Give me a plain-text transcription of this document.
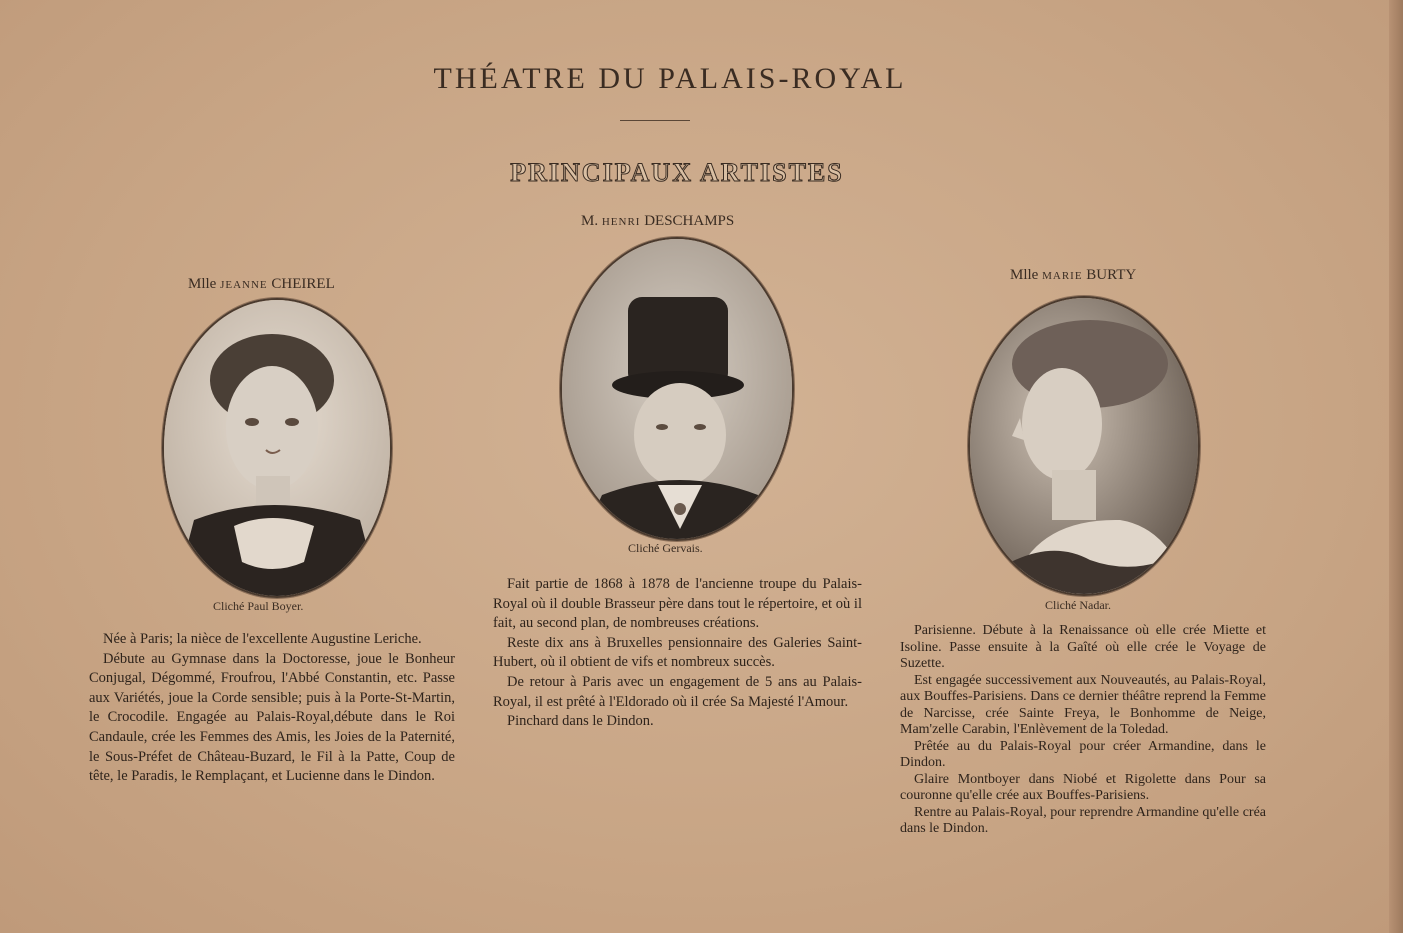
THÉATRE DU PALAIS-ROYAL
PRINCIPAUX ARTISTES
Mlle JEANNE CHEIREL
Cliché Paul Boyer.

Née à Paris; la nièce de l'excellente Augustine Leriche.

Débute au Gymnase dans la Doctoresse, joue le Bonheur Conjugal, Dégommé, Froufrou, l'Abbé Constantin, etc. Passe aux Variétés, joue la Corde sensible; puis à la Porte-St-Martin, le Crocodile. Engagée au Palais-Royal,débute dans le Roi Candaule, crée les Femmes des Amis, les Joies de la Paternité, le Sous-Préfet de Château-Buzard, le Fil à la Patte, Coup de tête, le Paradis, le Remplaçant, et Lucienne dans le Dindon.

M. HENRI DESCHAMPS
Cliché Gervais.

Fait partie de 1868 à 1878 de l'ancienne troupe du Palais-Royal où il double Brasseur père dans tout le répertoire, et où il fait, au second plan, de nombreuses créations.

Reste dix ans à Bruxelles pensionnaire des Galeries Saint-Hubert, où il obtient de vifs et nombreux succès.

De retour à Paris avec un engagement de 5 ans au Palais-Royal, il est prêté à l'Eldorado où il crée Sa Majesté l'Amour.

Pinchard dans le Dindon.

Mlle MARIE BURTY
Cliché Nadar.

Parisienne. Débute à la Renaissance où elle crée Miette et Isoline. Passe ensuite à la Gaîté où elle crée le Voyage de Suzette.

Est engagée successivement aux Nouveautés, au Palais-Royal, aux Bouffes-Parisiens. Dans ce dernier théâtre reprend la Femme de Narcisse, crée Sainte Freya, le Bonhomme de Neige, Mam'zelle Carabin, l'Enlèvement de la Toledad.

Prêtée au du Palais-Royal pour créer Armandine, dans le Dindon.

Glaire Montboyer dans Niobé et Rigolette dans Pour sa couronne qu'elle crée aux Bouffes-Parisiens.

Rentre au Palais-Royal, pour reprendre Armandine qu'elle créa dans le Dindon.
